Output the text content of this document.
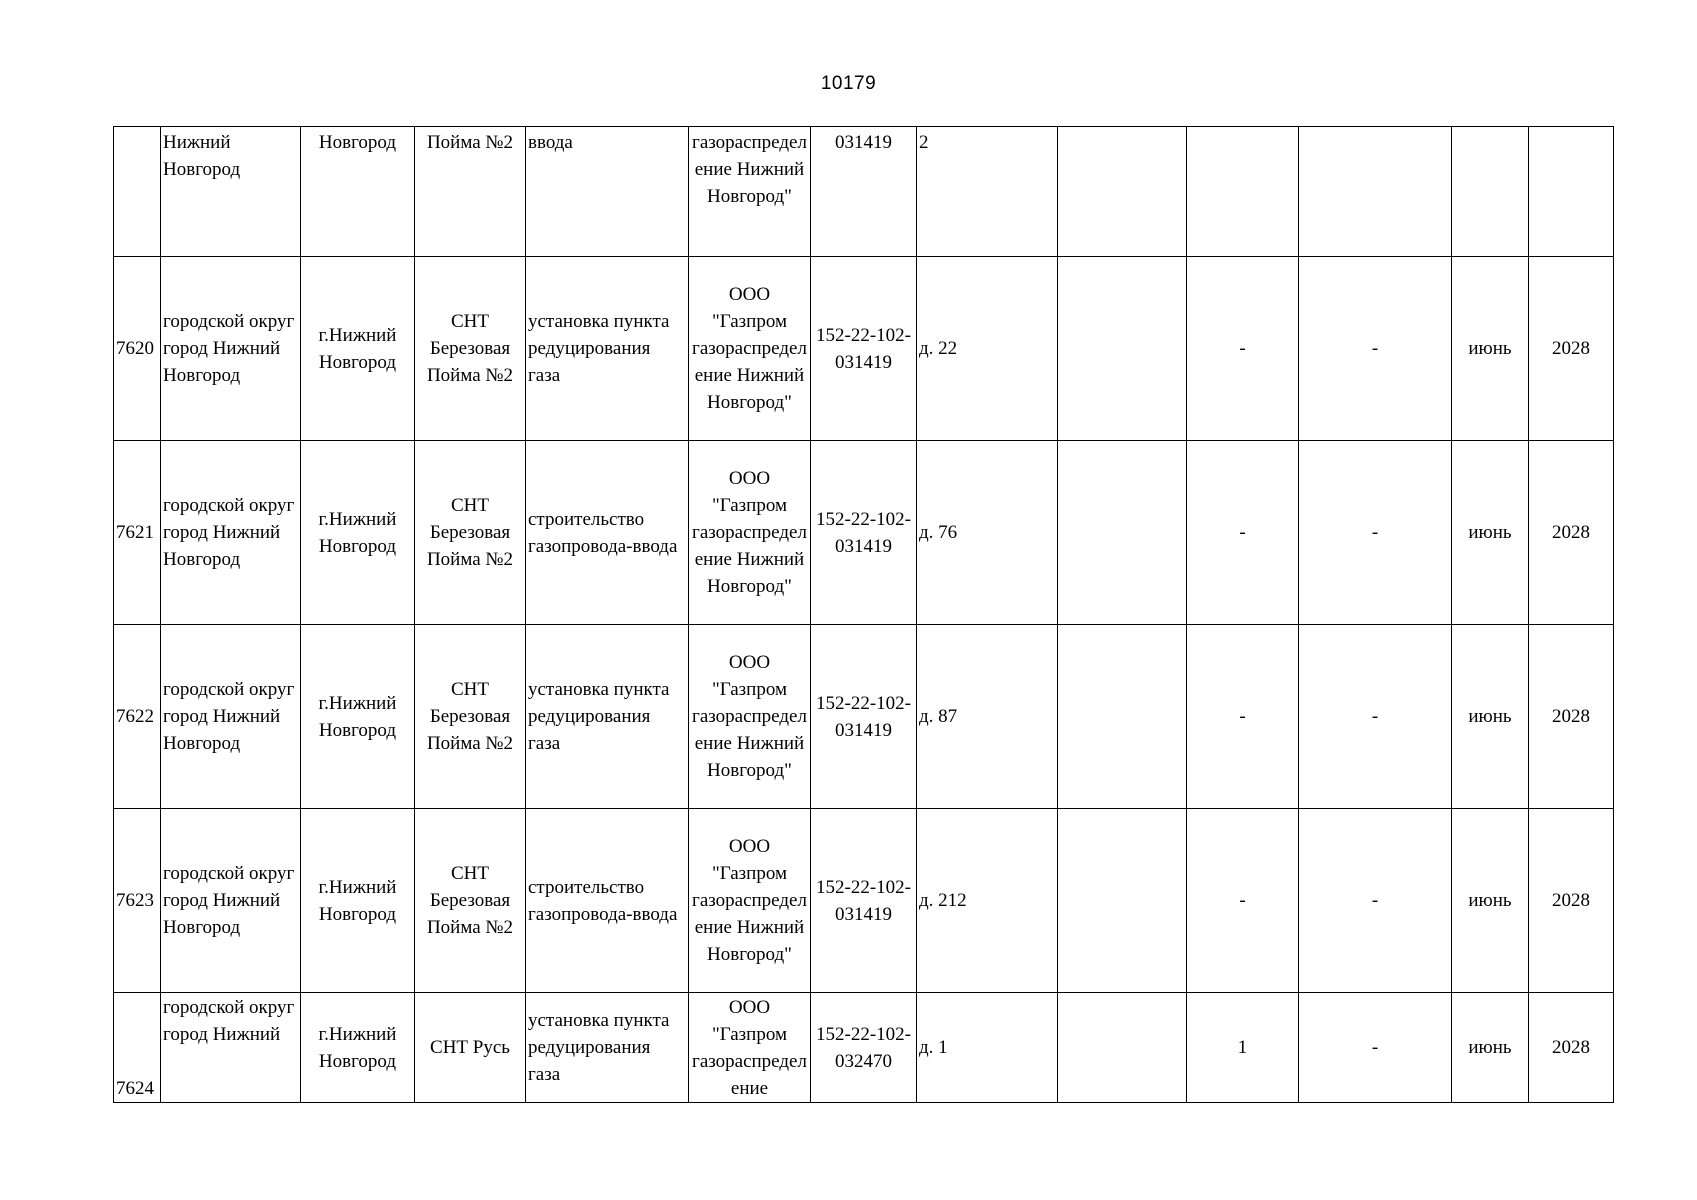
10179
	Нижний Новгород	Новгород	Пойма №2	ввода	газораспределение Нижний Новгород"	031419	2					
7620	городской округ город Нижний Новгород	г.Нижний Новгород	СНТ Березовая Пойма №2	установка пункта редуцирования газа	ООО "Газпром газораспределение Нижний Новгород"	152-22-102-031419	д. 22		-	-	июнь	2028
7621	городской округ город Нижний Новгород	г.Нижний Новгород	СНТ Березовая Пойма №2	строительство газопровода-ввода	ООО "Газпром газораспределение Нижний Новгород"	152-22-102-031419	д. 76		-	-	июнь	2028
7622	городской округ город Нижний Новгород	г.Нижний Новгород	СНТ Березовая Пойма №2	установка пункта редуцирования газа	ООО "Газпром газораспределение Нижний Новгород"	152-22-102-031419	д. 87		-	-	июнь	2028
7623	городской округ город Нижний Новгород	г.Нижний Новгород	СНТ Березовая Пойма №2	строительство газопровода-ввода	ООО "Газпром газораспределение Нижний Новгород"	152-22-102-031419	д. 212		-	-	июнь	2028
7624	городской округ город Нижний	г.Нижний Новгород	СНТ Русь	установка пункта редуцирования газа	ООО "Газпром газораспределение	152-22-102-032470	д. 1		1	-	июнь	2028
